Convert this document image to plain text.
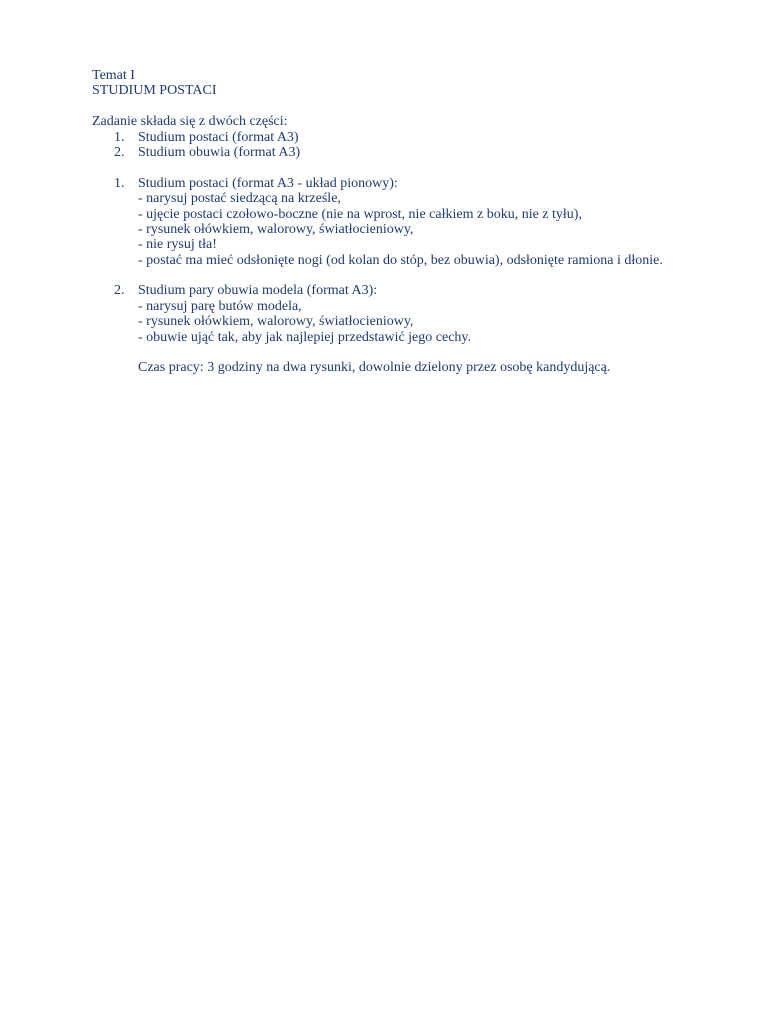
Temat I
STUDIUM POSTACI
Zadanie składa się z dwóch części:
1. Studium postaci (format A3)
2. Studium obuwia (format A3)
1. Studium postaci (format A3 - układ pionowy):
- narysuj postać siedzącą na krześle,
- ujęcie postaci czołowo-boczne (nie na wprost, nie całkiem z boku, nie z tyłu),
- rysunek ołówkiem, walorowy, światłocieniowy,
- nie rysuj tła!
- postać ma mieć odsłonięte nogi (od kolan do stóp, bez obuwia), odsłonięte ramiona i dłonie.
2. Studium pary obuwia modela (format A3):
- narysuj parę butów modela,
- rysunek ołówkiem, walorowy, światłocieniowy,
- obuwie ująć tak, aby jak najlepiej przedstawić jego cechy.
Czas pracy: 3 godziny na dwa rysunki, dowolnie dzielony przez osobę kandydującą.
